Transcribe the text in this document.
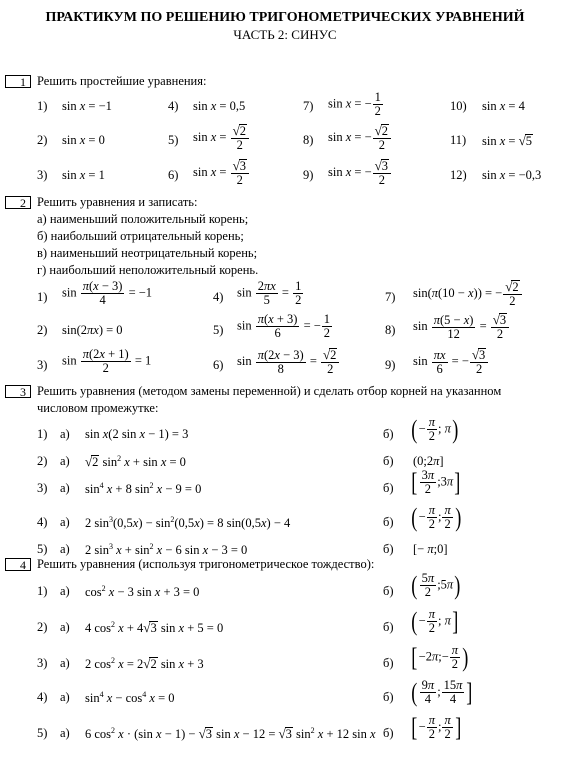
ПРАКТИКУМ ПО РЕШЕНИЮ ТРИГОНОМЕТРИЧЕСКИХ УРАВНЕНИЙ
ЧАСТЬ 2: СИНУС
1 Решить простейшие уравнения:
1) sin x = −1	4) sin x = 0,5	7) sin x = − $\frac{1}{2}$	10) sin x = 4
2) sin x = 0	5) $\sin x = \frac{√2}{2}$	8) sin x = − $\frac{√2}{2}$	11) sin x = √5
3) sin x = 1	6) $\sin x = \frac{√3}{2}$	9) sin x = − $\frac{√3}{2}$	12) sin x = −0,3
2 Решить уравнения и записать:
а) наименьший положительный корень;
б) наибольший отрицательный корень;
в) наименьший неотрицательный корень;
г) наибольший неположительный корень.
1) $\sin \frac{\pi(x - 3)}{4} = -1$	4) $\sin \frac{2\pi x}{5} = \frac{1}{2}$	7) sin(π(10 − x)) = − $\frac{√2}{2}$
2) sin(2πx) = 0	5) $\sin \frac{\pi(x + 3)}{6}$ = − $\frac{1}{2}$	8) $\sin \frac{\pi(5 - x)}{12} = \frac{√3}{2}$
3) $\sin \frac{\pi(2x + 1)}{2} = 1$	6) $\sin \frac{\pi(2x - 3)}{8} = \frac{√2}{2}$	9) $\sin \frac{\pi x}{6}$ = − $\frac{√3}{2}$
3 Решить уравнения (методом замены переменной) и сделать отбор корней на указанном
числовом промежутке:
1) а) sin x(2 sin x − 1) = 3	б) (− $\frac{\pi}{2}$ ; π)
2) а) √2 $\sin^2 x + \sin x = 0$	б) (0;2π]
3) а) $\sin^4 x + 8$ $\sin^2 x - 9 = 0$	б) [ $\frac{3\pi}{2}$ ;3π]
4) а) 2 $\sin^3(0,5x) - \sin^2(0,5x) = 8$ sin(0,5x) − 4	б) (− $\frac{\pi}{2}$ ; $\frac{\pi}{2}$ )
5) а) 2 $\sin^3 x + \sin^2 x - 6$ sin x − 3 = 0	б) [− π;0]
4 Решить уравнения (используя тригонометрическое тождество):
1) а) $\cos^2 x - 3$ sin x + 3 = 0	б) ( $\frac{5\pi}{2}$ ;5π)
2) а) 4 $\cos^2 x + 4√3$ sin x + 5 = 0	б) (− $\frac{\pi}{2}$ ; π]
3) а) 2 $\cos^2 x = 2√2$ sin x + 3	б) [−2π;− $\frac{\pi}{2}$ )
4) а) $\sin^4 x - \cos^4 x = 0$	б) ( $\frac{9\pi}{4}$ ; $\frac{15\pi}{4}$ ]
5) а) 6 $\cos^2 x \cdot (\sin$ x − 1) − √3 sin x − 12 = √3 $\sin^2 x + 12$ sin x б) [− $\frac{\pi}{2}$ ; $\frac{\pi}{2}$ ]
